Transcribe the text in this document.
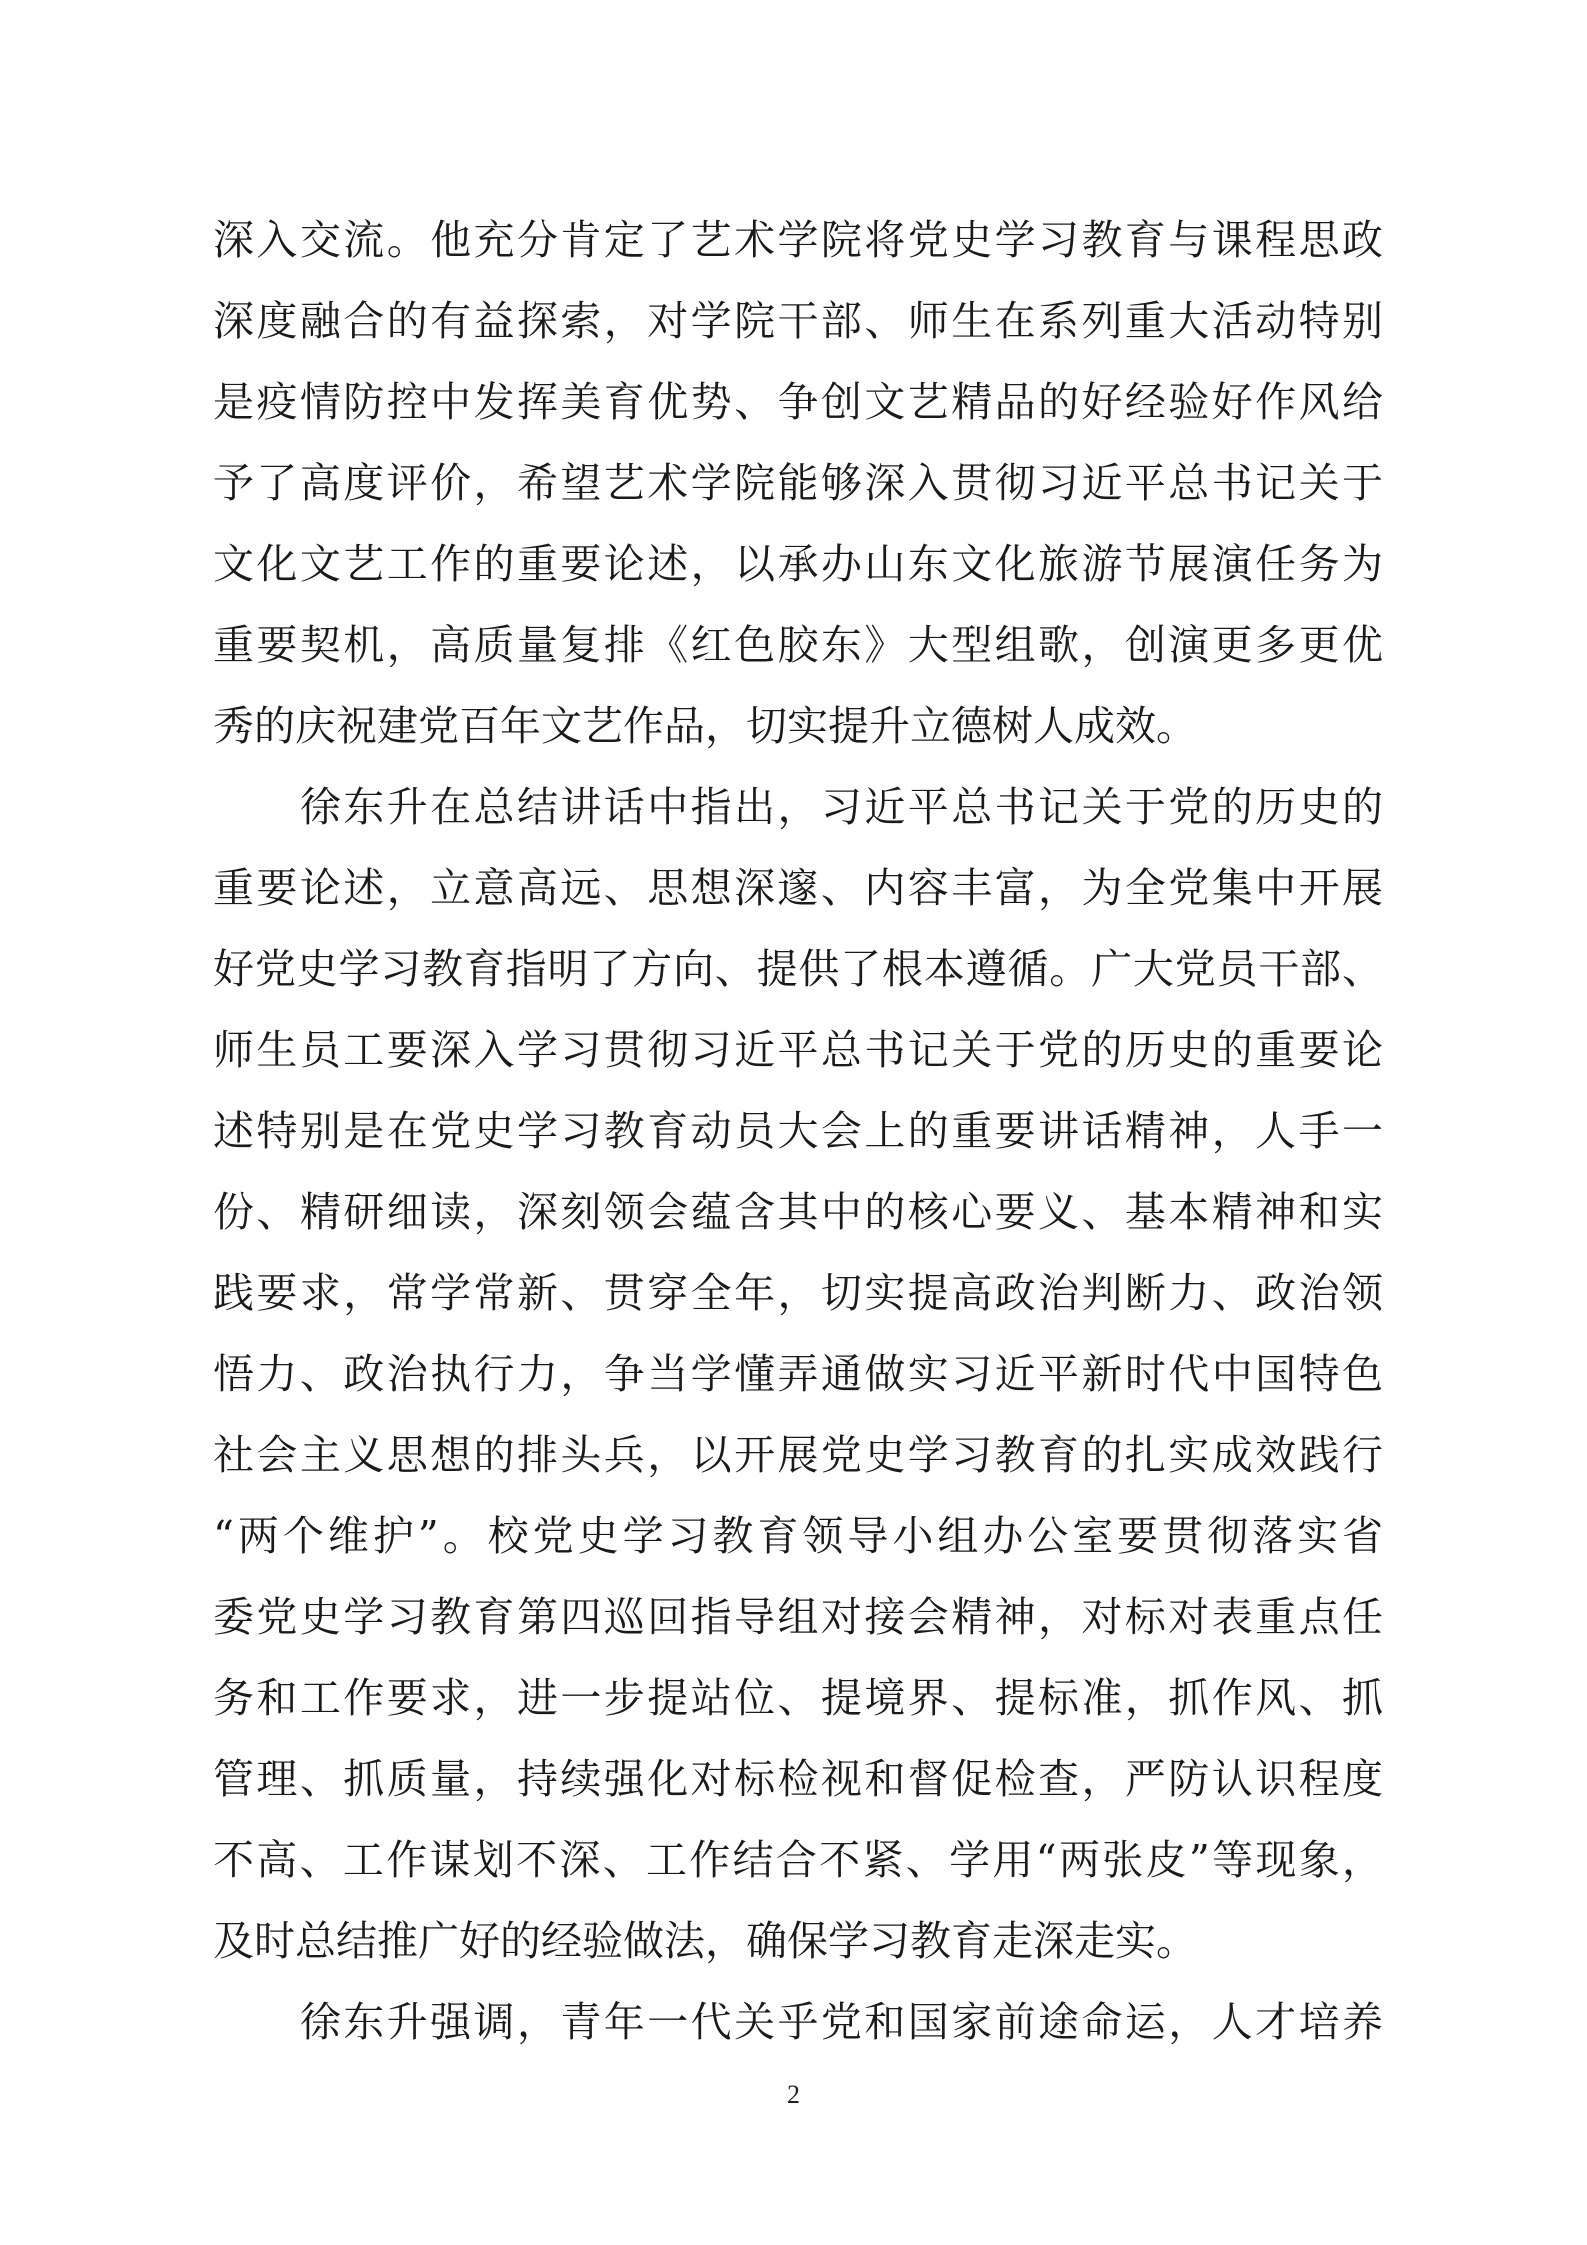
深入交流。他充分肯定了艺术学院将党史学习教育与课程思政
深度融合的有益探索，对学院干部、师生在系列重大活动特别
是疫情防控中发挥美育优势、争创文艺精品的好经验好作风给
予了高度评价，希望艺术学院能够深入贯彻习近平总书记关于
文化文艺工作的重要论述，以承办山东文化旅游节展演任务为
重要契机，高质量复排《红色胶东》大型组歌，创演更多更优
秀的庆祝建党百年文艺作品，切实提升立德树人成效。
　　徐东升在总结讲话中指出，习近平总书记关于党的历史的
重要论述，立意高远、思想深邃、内容丰富，为全党集中开展
好党史学习教育指明了方向、提供了根本遵循。广大党员干部、
师生员工要深入学习贯彻习近平总书记关于党的历史的重要论
述特别是在党史学习教育动员大会上的重要讲话精神，人手一
份、精研细读，深刻领会蕴含其中的核心要义、基本精神和实
践要求，常学常新、贯穿全年，切实提高政治判断力、政治领
悟力、政治执行力，争当学懂弄通做实习近平新时代中国特色
社会主义思想的排头兵，以开展党史学习教育的扎实成效践行
“两个维护”。校党史学习教育领导小组办公室要贯彻落实省
委党史学习教育第四巡回指导组对接会精神，对标对表重点任
务和工作要求，进一步提站位、提境界、提标准，抓作风、抓
管理、抓质量，持续强化对标检视和督促检查，严防认识程度
不高、工作谋划不深、工作结合不紧、学用“两张皮”等现象，
及时总结推广好的经验做法，确保学习教育走深走实。
　　徐东升强调，青年一代关乎党和国家前途命运，人才培养
2
